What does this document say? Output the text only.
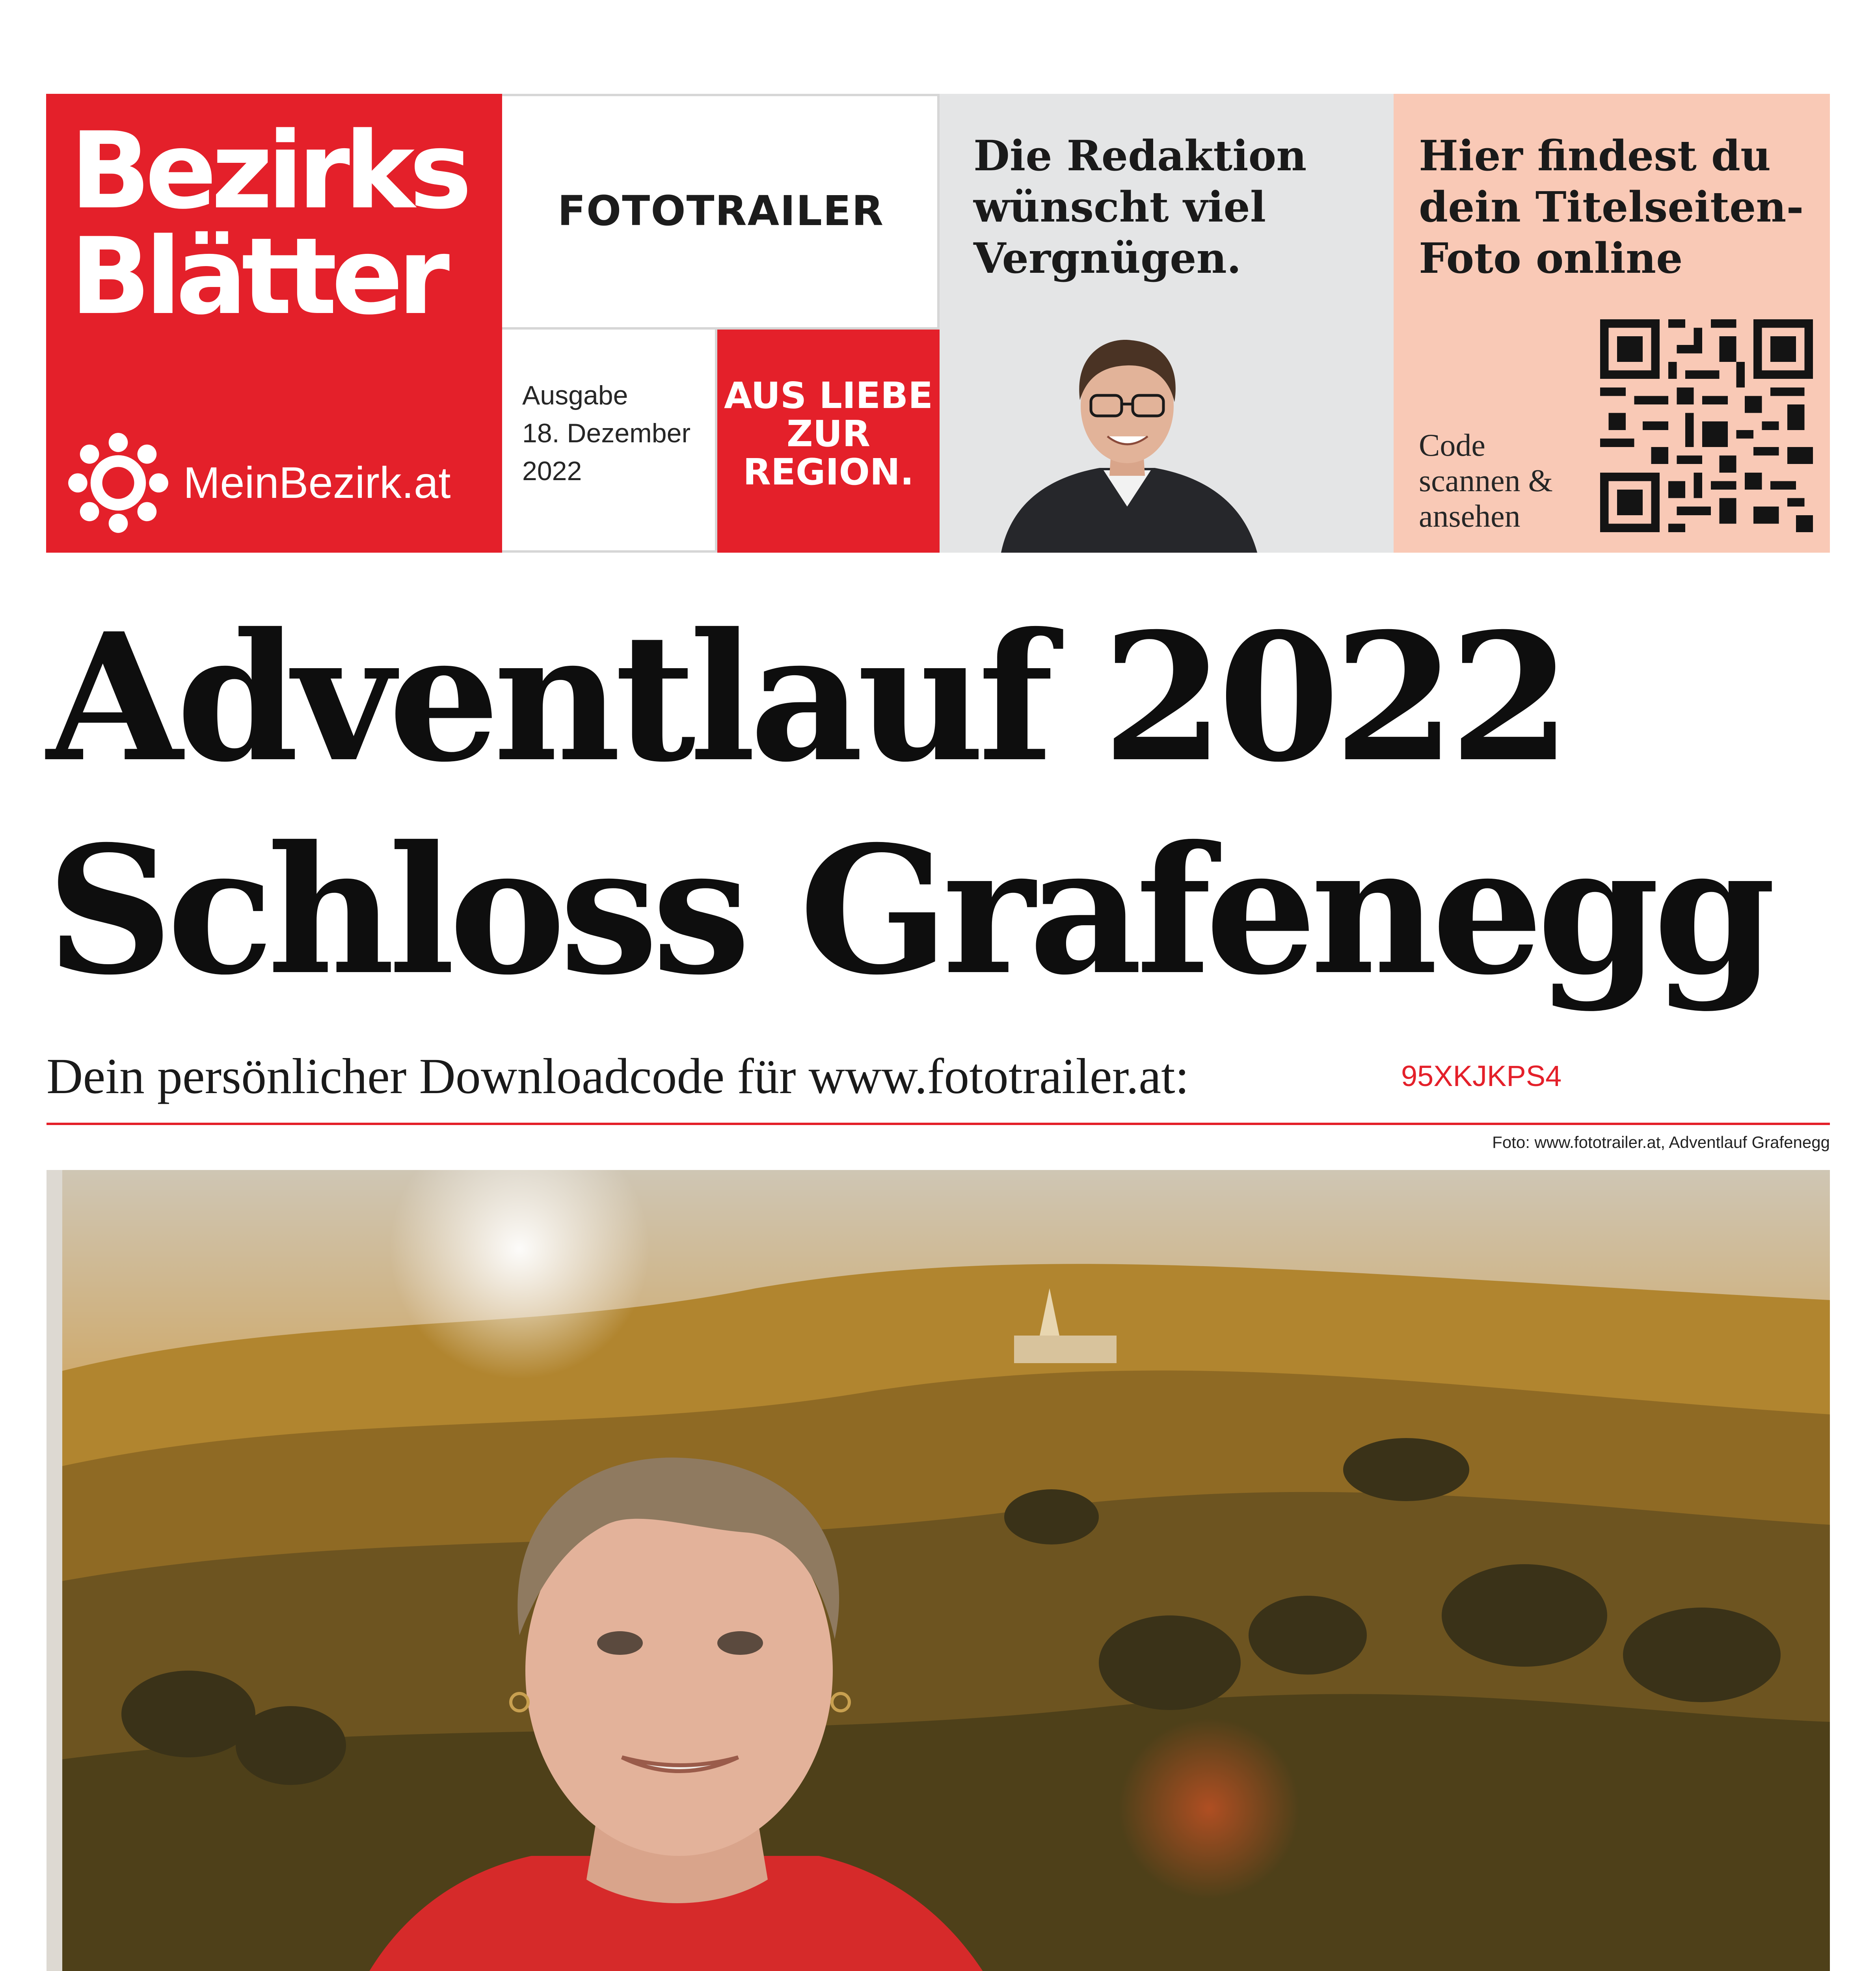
Bezirks Blätter
MeinBezirk.at
FOTOTRAILER
Ausgabe
18. Dezember
2022
AUS LIEBE ZUR REGION.
Die Redaktion wünscht viel Vergnügen.
Hier findest du dein Titelseiten-Foto online
Code scannen & ansehen
Adventlauf 2022
Schloss Grafenegg
Dein persönlicher Downloadcode für www.fototrailer.at:	95XKJKPS4
Foto: www.fototrailer.at, Adventlauf Grafenegg
